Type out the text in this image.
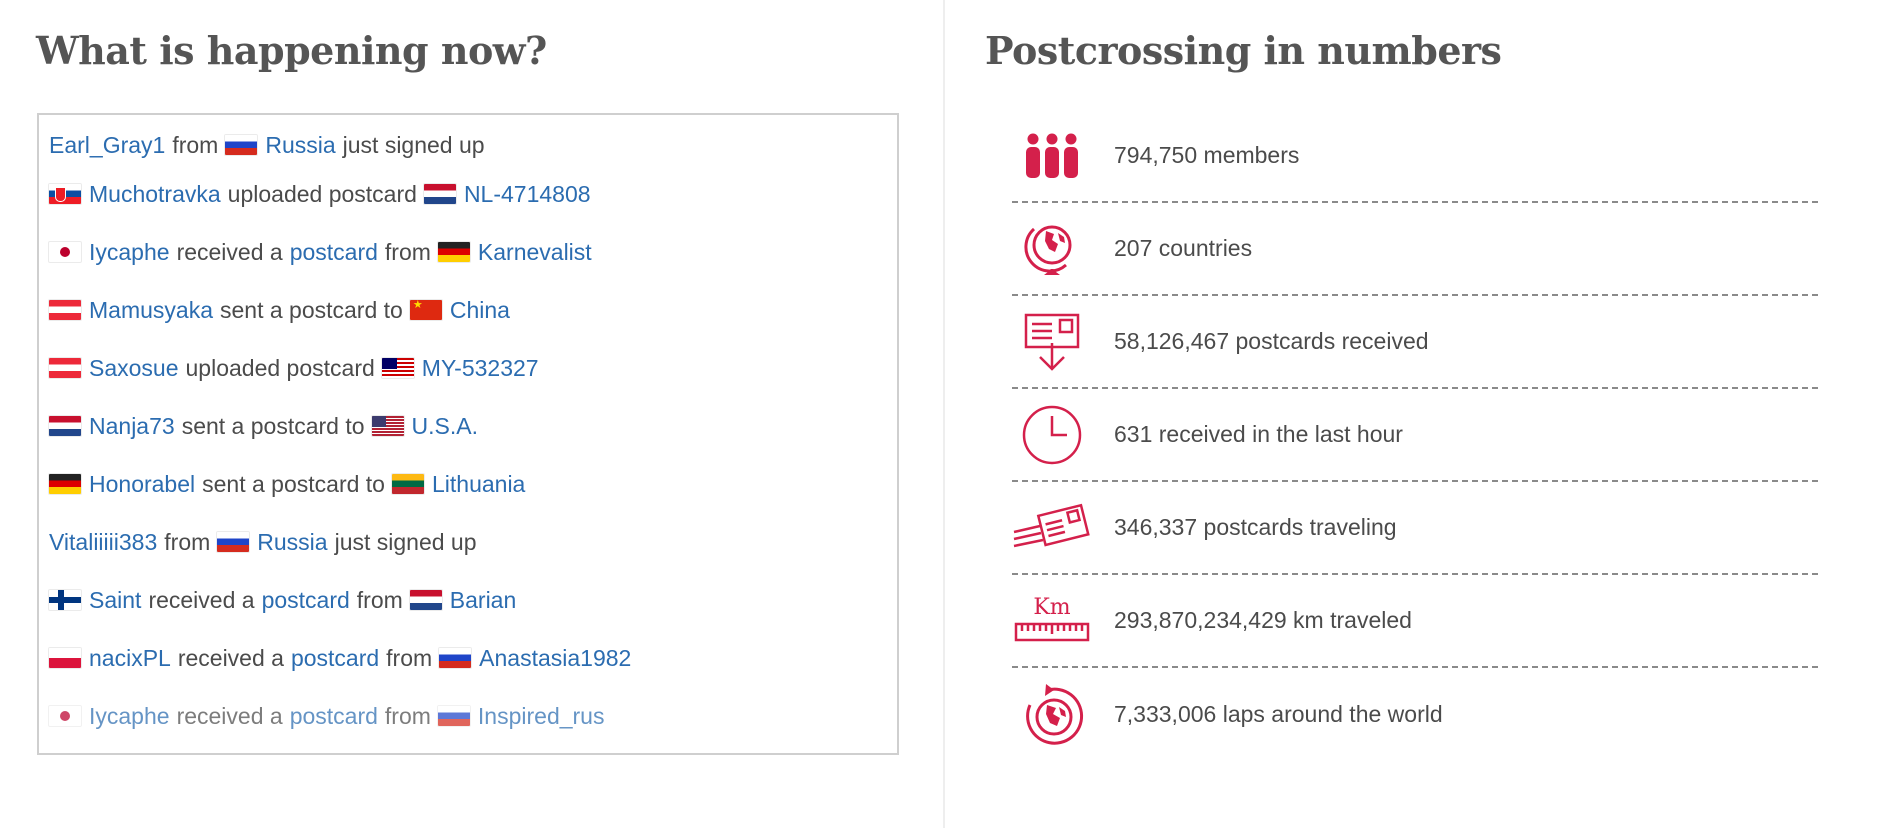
What is happening now?
Earl_Gray1 from Russia just signed up
Muchotravka uploaded postcard NL-4714808
Iycaphe received a postcard from Karnevalist
Mamusyaka sent a postcard to
★ China
Saxosue uploaded postcard MY-532327
Nanja73 sent a postcard to U.S.A.
Honorabel sent a postcard to Lithuania
Vitaliiiii383 from Russia just signed up
Saint received a postcard from Barian
nacixPL received a postcard from Anastasia1982
Iycaphe received a postcard from Inspired_rus
Postcrossing in numbers
794,750 members
207 countries
58,126,467 postcards received
631 received in the last hour
346,337 postcards traveling
Km 293,870,234,429 km traveled
7,333,006 laps around the world
